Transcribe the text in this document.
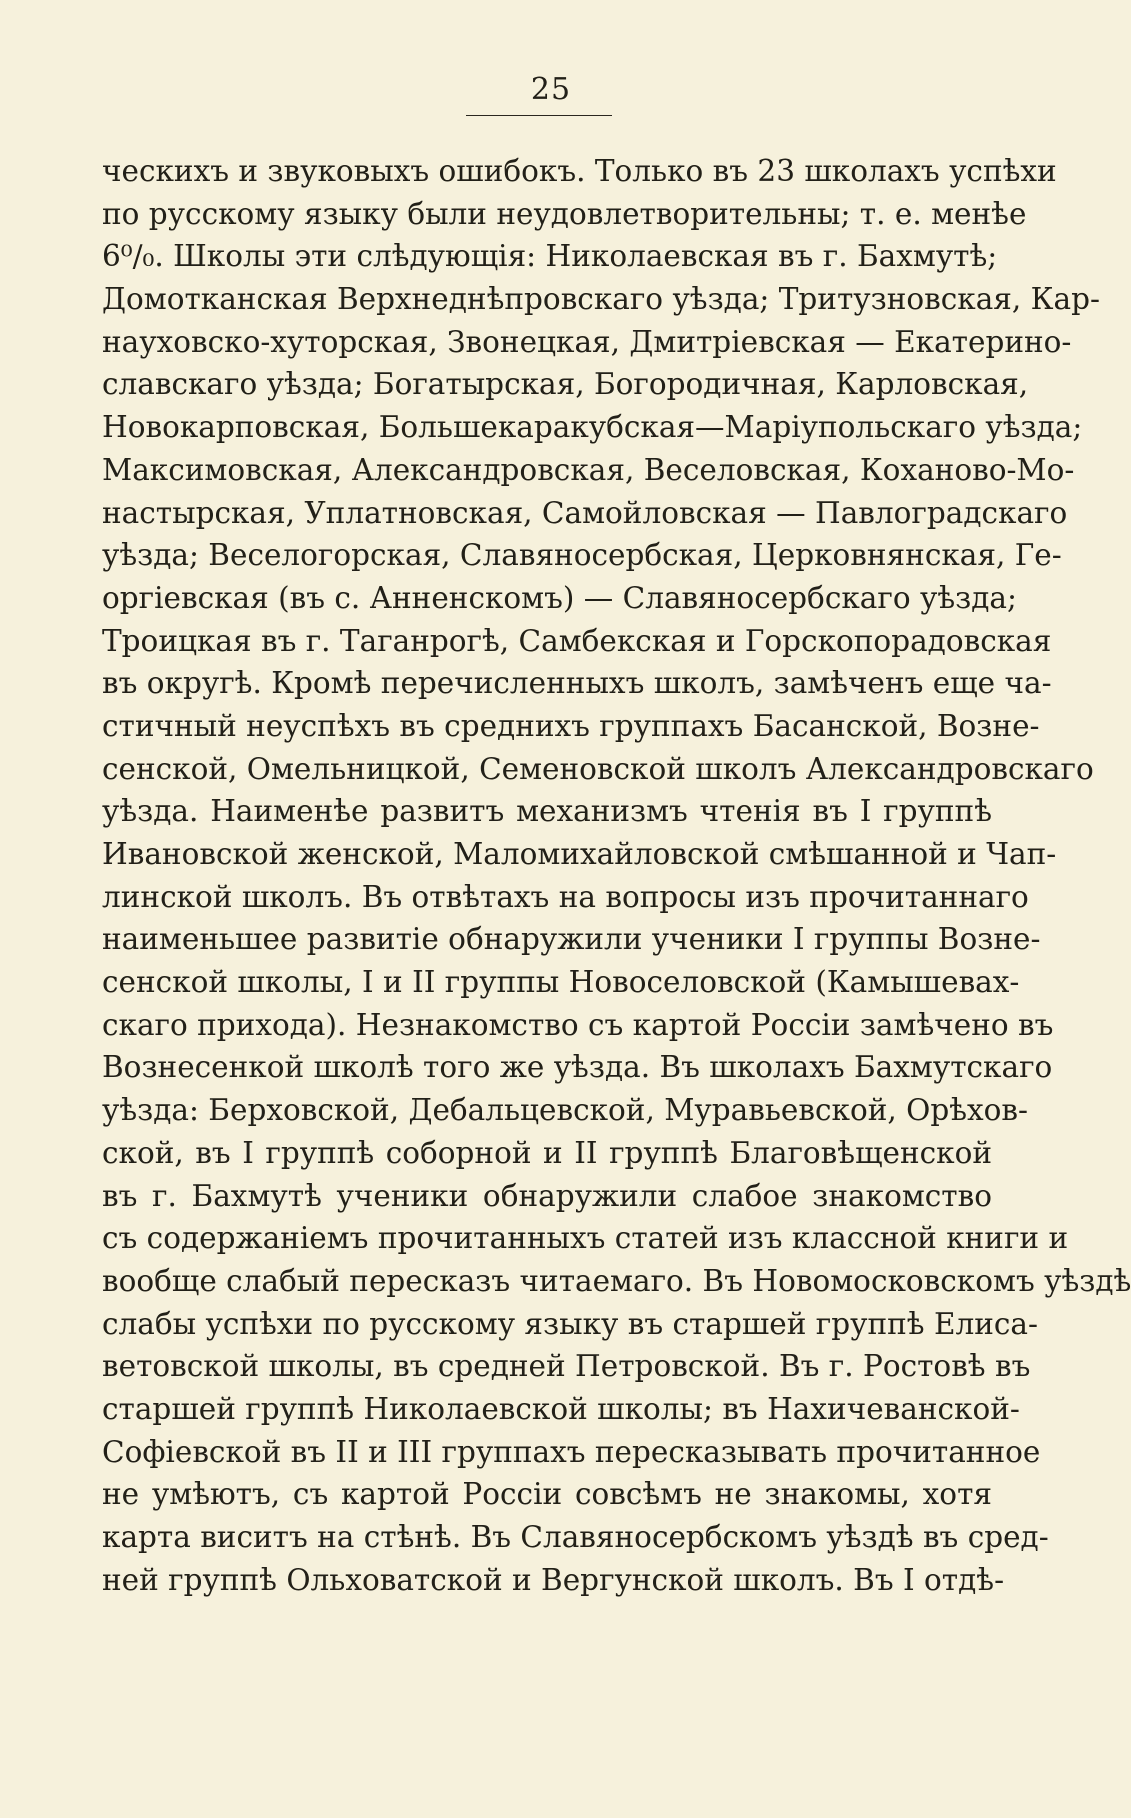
25
ческихъ и звуковыхъ ошибокъ. Только въ 23 школахъ успѣхи
по русскому языку были неудовлетворительны; т. е. менѣе
6⁰/₀. Школы эти слѣдующія: Николаевская въ г. Бахмутѣ;
Домотканская Верхнеднѣпровскаго уѣзда; Тритузновская, Кар-
науховско-хуторская, Звонецкая, Дмитріевская — Екатерино-
славскаго уѣзда; Богатырская, Богородичная, Карловская,
Новокарповская, Большекаракубская—Маріупольскаго уѣзда;
Максимовская, Александровская, Веселовская, Кохановo-Мо-
настырская, Уплатновская, Самойловская — Павлоградскаго
уѣзда; Веселогорская, Славяносербская, Церковнянская, Ге-
оргіевская (въ с. Анненскомъ) — Славяносербскаго уѣзда;
Троицкая въ г. Таганрогѣ, Самбекская и Горскопорадовская
въ округѣ. Кромѣ перечисленныхъ школъ, замѣченъ еще ча-
стичный неуспѣхъ въ среднихъ группахъ Басанской, Возне-
сенской, Омельницкой, Семеновской школъ Александровскаго
уѣзда. Наименѣе развитъ механизмъ чтенія въ I группѣ
Ивановской женской, Маломихайловской смѣшанной и Чап-
линской школъ. Въ отвѣтахъ на вопросы изъ прочитаннаго
наименьшее развитіе обнаружили ученики I группы Возне-
сенской школы, I и II группы Новоселовской (Камышевах-
скаго прихода). Незнакомство съ картой Россіи замѣчено въ
Вознесенкой школѣ того же уѣзда. Въ школахъ Бахмутскаго
уѣзда: Берховской, Дебальцевской, Муравьевской, Орѣхов-
ской, въ I группѣ соборной и II группѣ Благовѣщенской
въ г. Бахмутѣ ученики обнаружили слабое знакомство
съ содержаніемъ прочитанныхъ статей изъ классной книги и
вообще слабый пересказъ читаемаго. Въ Новомосковскомъ уѣздѣ
слабы успѣхи по русскому языку въ старшей группѣ Елиса-
ветовской школы, въ средней Петровской. Въ г. Ростовѣ въ
старшей группѣ Николаевской школы; въ Нахичеванской-
Софіевской въ II и III группахъ пересказывать прочитанное
не умѣютъ, съ картой Россіи совсѣмъ не знакомы, хотя
карта виситъ на стѣнѣ. Въ Славяносербскомъ уѣздѣ въ сред-
ней группѣ Ольховатской и Вергунской школъ. Въ I отдѣ-
